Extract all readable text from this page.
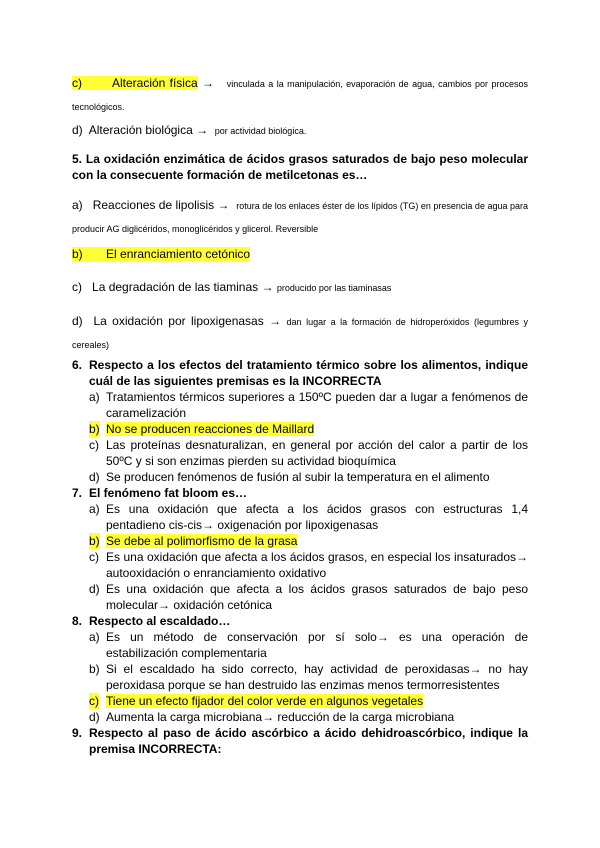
c) Alteración física → vinculada a la manipulación, evaporación de agua, cambios por procesos tecnológicos.
d) Alteración biológica → por actividad biológica.
5. La oxidación enzimática de ácidos grasos saturados de bajo peso molecular con la consecuente formación de metilcetonas es…
a) Reacciones de lipolisis → rotura de los enlaces éster de los lípidos (TG) en presencia de agua para producir AG diglicéridos, monoglicéridos y glicerol. Reversible
b) El enranciamiento cetónico
c) La degradación de las tiaminas → producido por las tiaminasas
d) La oxidación por lipoxigenasas → dan lugar a la formación de hidroperóxidos (legumbres y cereales)
6. Respecto a los efectos del tratamiento térmico sobre los alimentos, indique cuál de las siguientes premisas es la INCORRECTA
a) Tratamientos térmicos superiores a 150ºC pueden dar a lugar a fenómenos de caramelización
b) No se producen reacciones de Maillard
c) Las proteínas desnaturalizan, en general por acción del calor a partir de los 50ºC y si son enzimas pierden su actividad bioquímica
d) Se producen fenómenos de fusión al subir la temperatura en el alimento
7. El fenómeno fat bloom es…
a) Es una oxidación que afecta a los ácidos grasos con estructuras 1,4 pentadieno cis-cis→ oxigenación por lipoxigenasas
b) Se debe al polimorfismo de la grasa
c) Es una oxidación que afecta a los ácidos grasos, en especial los insaturados→ autooxidación o enranciamiento oxidativo
d) Es una oxidación que afecta a los ácidos grasos saturados de bajo peso molecular→ oxidación cetónica
8. Respecto al escaldado…
a) Es un método de conservación por sí solo→ es una operación de estabilización complementaria
b) Si el escaldado ha sido correcto, hay actividad de peroxidasas→ no hay peroxidasa porque se han destruido las enzimas menos termorresistentes
c) Tiene un efecto fijador del color verde en algunos vegetales
d) Aumenta la carga microbiana→ reducción de la carga microbiana
9. Respecto al paso de ácido ascórbico a ácido dehidroascórbico, indique la premisa INCORRECTA:
